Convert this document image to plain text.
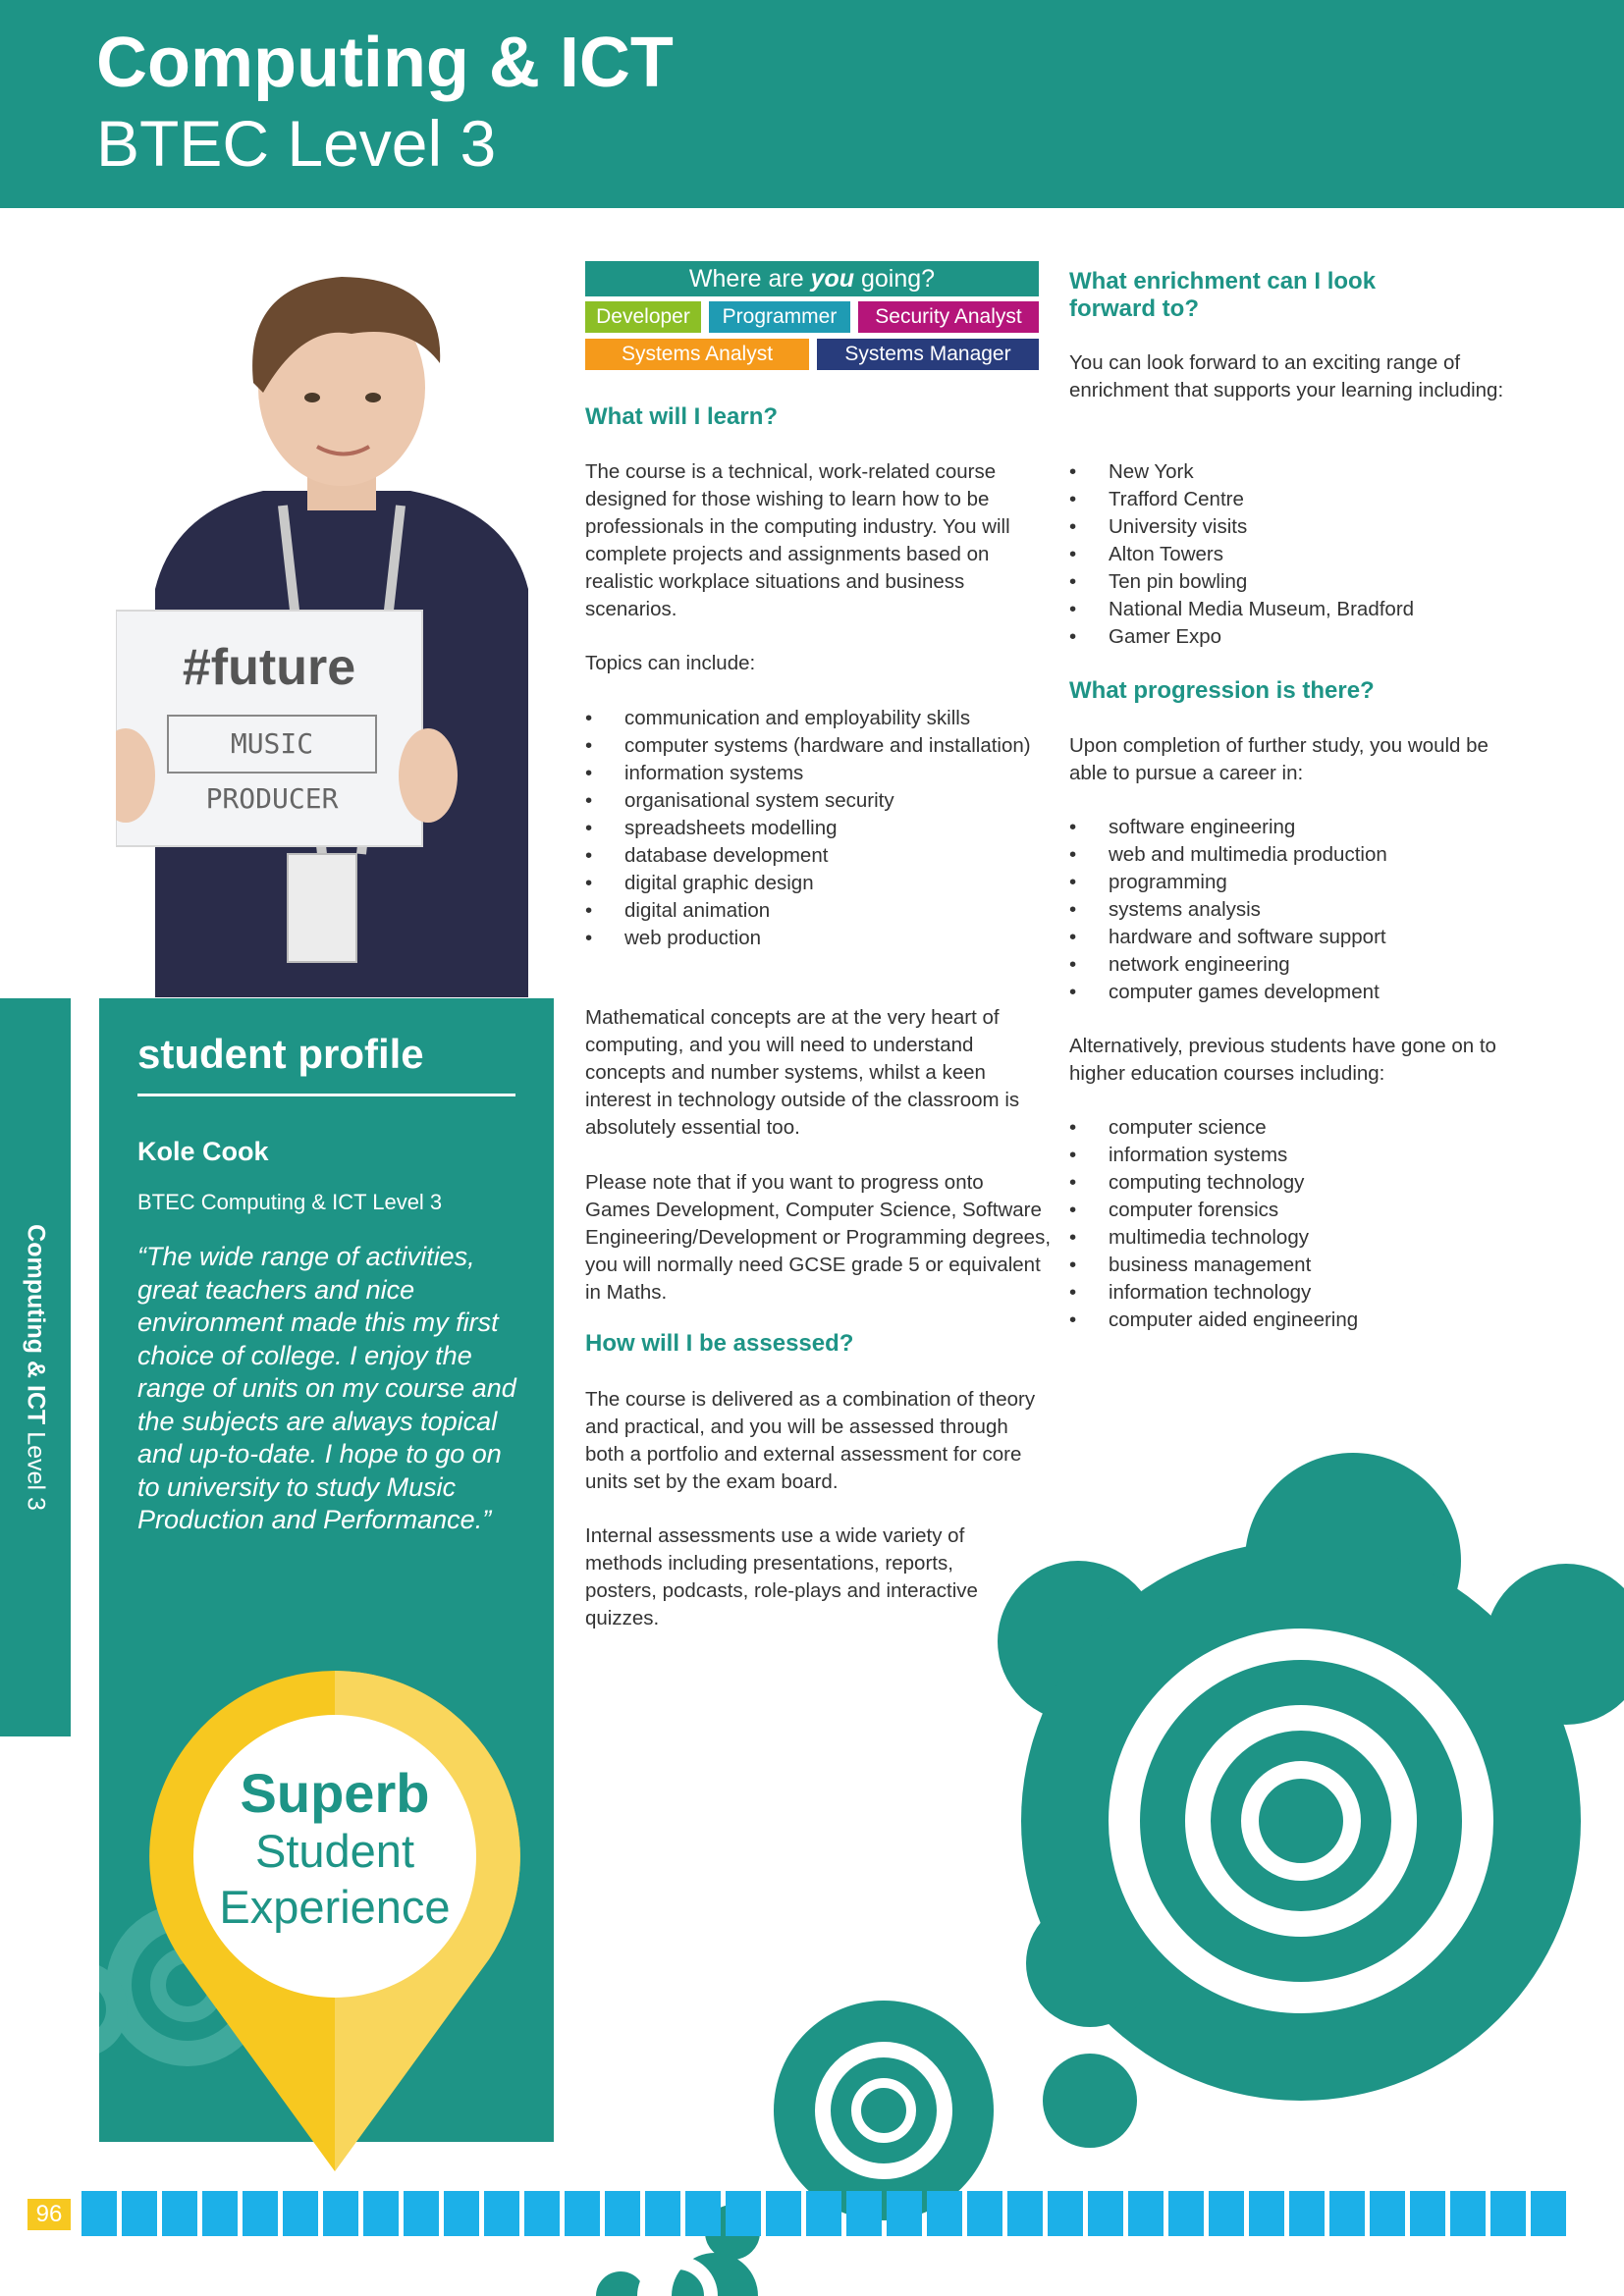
Computing & ICT
BTEC Level 3
#future
MUSIC PRODUCER
Computing & ICT Level 3
student profile
Kole Cook
BTEC Computing & ICT Level 3
“The wide range of activities, great teachers and nice environment made this my first choice of college. I enjoy the range of units on my course and the subjects are always topical and up-to-date. I hope to go on to university to study Music Production and Performance.”
Superb
Student
Experience
Where are you going?
Developer	Programmer	Security Analyst
Systems Analyst	Systems Manager
What will I learn?
The course is a technical, work-related course designed for those wishing to learn how to be professionals in the computing industry. You will complete projects and assignments based on realistic workplace situations and business scenarios.
Topics can include:
• communication and employability skills
• computer systems (hardware and installation)
• information systems
• organisational system security
• spreadsheets modelling
• database development
• digital graphic design
• digital animation
• web production
Mathematical concepts are at the very heart of computing, and you will need to understand concepts and number systems, whilst a keen interest in technology outside of the classroom is absolutely essential too.
Please note that if you want to progress onto Games Development, Computer Science, Software Engineering/Development or Programming degrees, you will normally need GCSE grade 5 or equivalent in Maths.
How will I be assessed?
The course is delivered as a combination of theory and practical, and you will be assessed through both a portfolio and external assessment for core units set by the exam board.
Internal assessments use a wide variety of methods including presentations, reports, posters, podcasts, role-plays and interactive quizzes.
What enrichment can I look forward to?
You can look forward to an exciting range of enrichment that supports your learning including:
• New York
• Trafford Centre
• University visits
• Alton Towers
• Ten pin bowling
• National Media Museum, Bradford
• Gamer Expo
What progression is there?
Upon completion of further study, you would be able to pursue a career in:
• software engineering
• web and multimedia production
• programming
• systems analysis
• hardware and software support
• network engineering
• computer games development
Alternatively, previous students have gone on to higher education courses including:
• computer science
• information systems
• computing technology
• computer forensics
• multimedia technology
• business management
• information technology
• computer aided engineering
96
